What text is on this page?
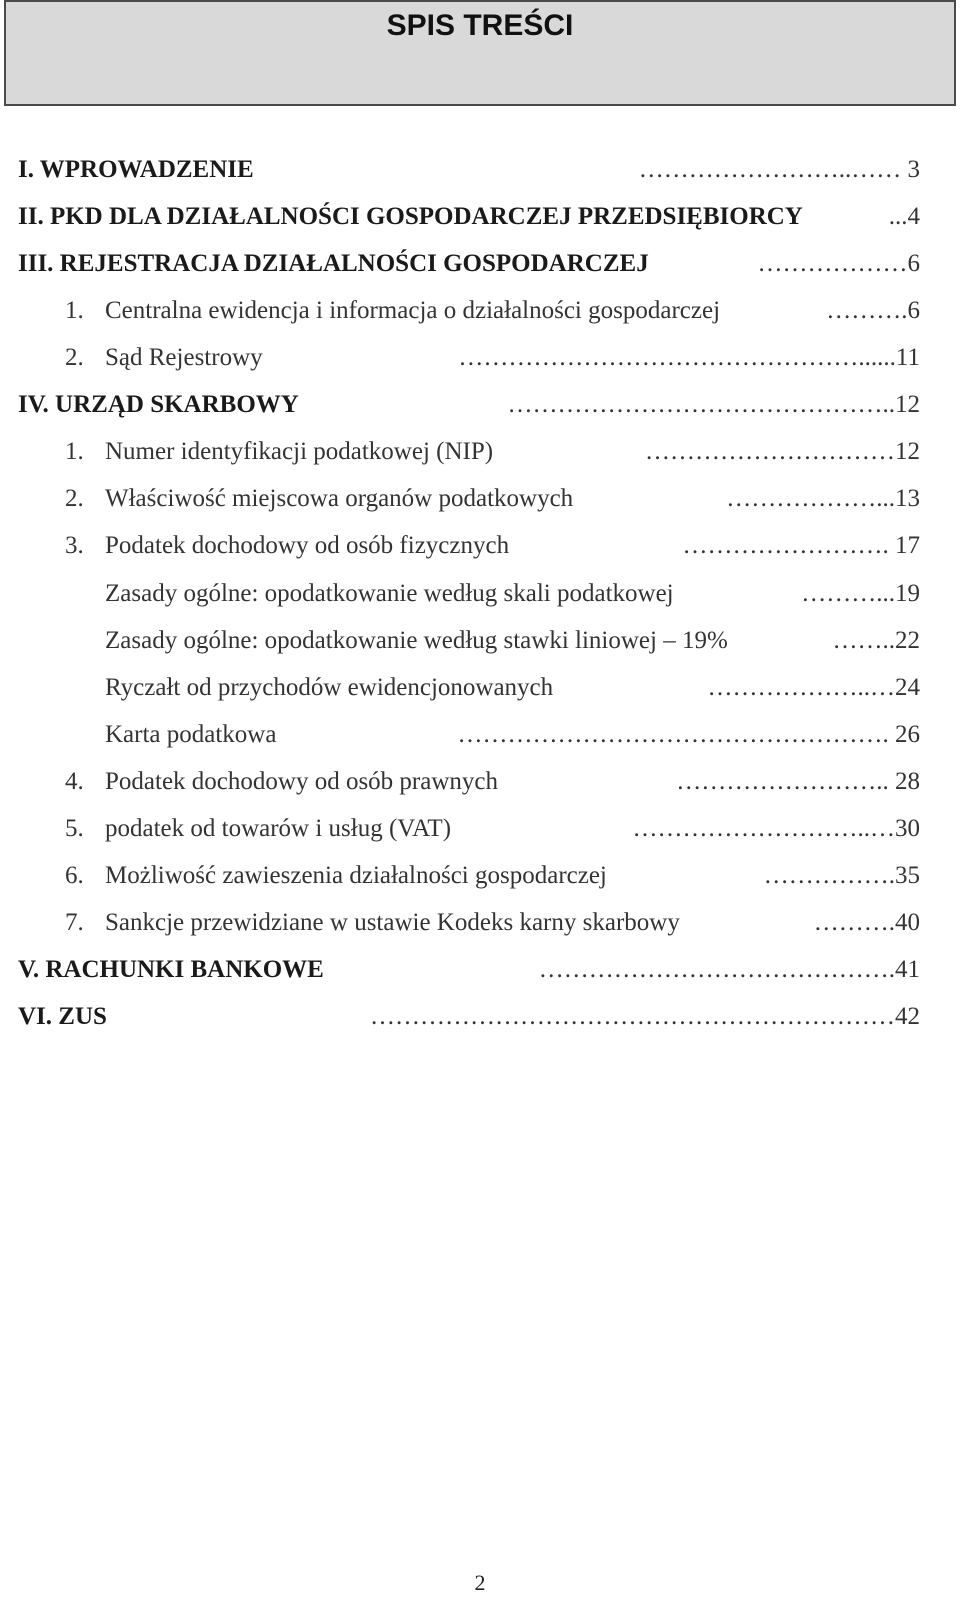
SPIS TREŚCI
I. WPROWADZENIE	……………………..…… 3
II. PKD DLA DZIAŁALNOŚCI GOSPODARCZEJ PRZEDSIĘBIORCY	...4
III. REJESTRACJA DZIAŁALNOŚCI GOSPODARCZEJ	………………6
1. Centralna ewidencja i informacja o działalności gospodarczej	……….6
2. Sąd Rejestrowy	…………………………………………......11
IV. URZĄD SKARBOWY	………………………………………..12
1. Numer identyfikacji podatkowej (NIP)	…………………………12
2. Właściwość miejscowa organów podatkowych	………………...13
3. Podatek dochodowy od osób fizycznych	……………………. 17
Zasady ogólne: opodatkowanie według skali podatkowej	………...19
Zasady ogólne: opodatkowanie według stawki liniowej – 19%	……..22
Ryczałt od przychodów ewidencjonowanych	………………..…24
Karta podatkowa	……………………………………………. 26
4. Podatek dochodowy od osób prawnych	…………………….. 28
5. podatek od towarów i usług (VAT)	………………………..…30
6. Możliwość zawieszenia działalności gospodarczej	…………….35
7. Sankcje przewidziane w ustawie Kodeks karny skarbowy	……….40
V. RACHUNKI BANKOWE	…………………………………….41
VI. ZUS	………………………………………………………42
2
